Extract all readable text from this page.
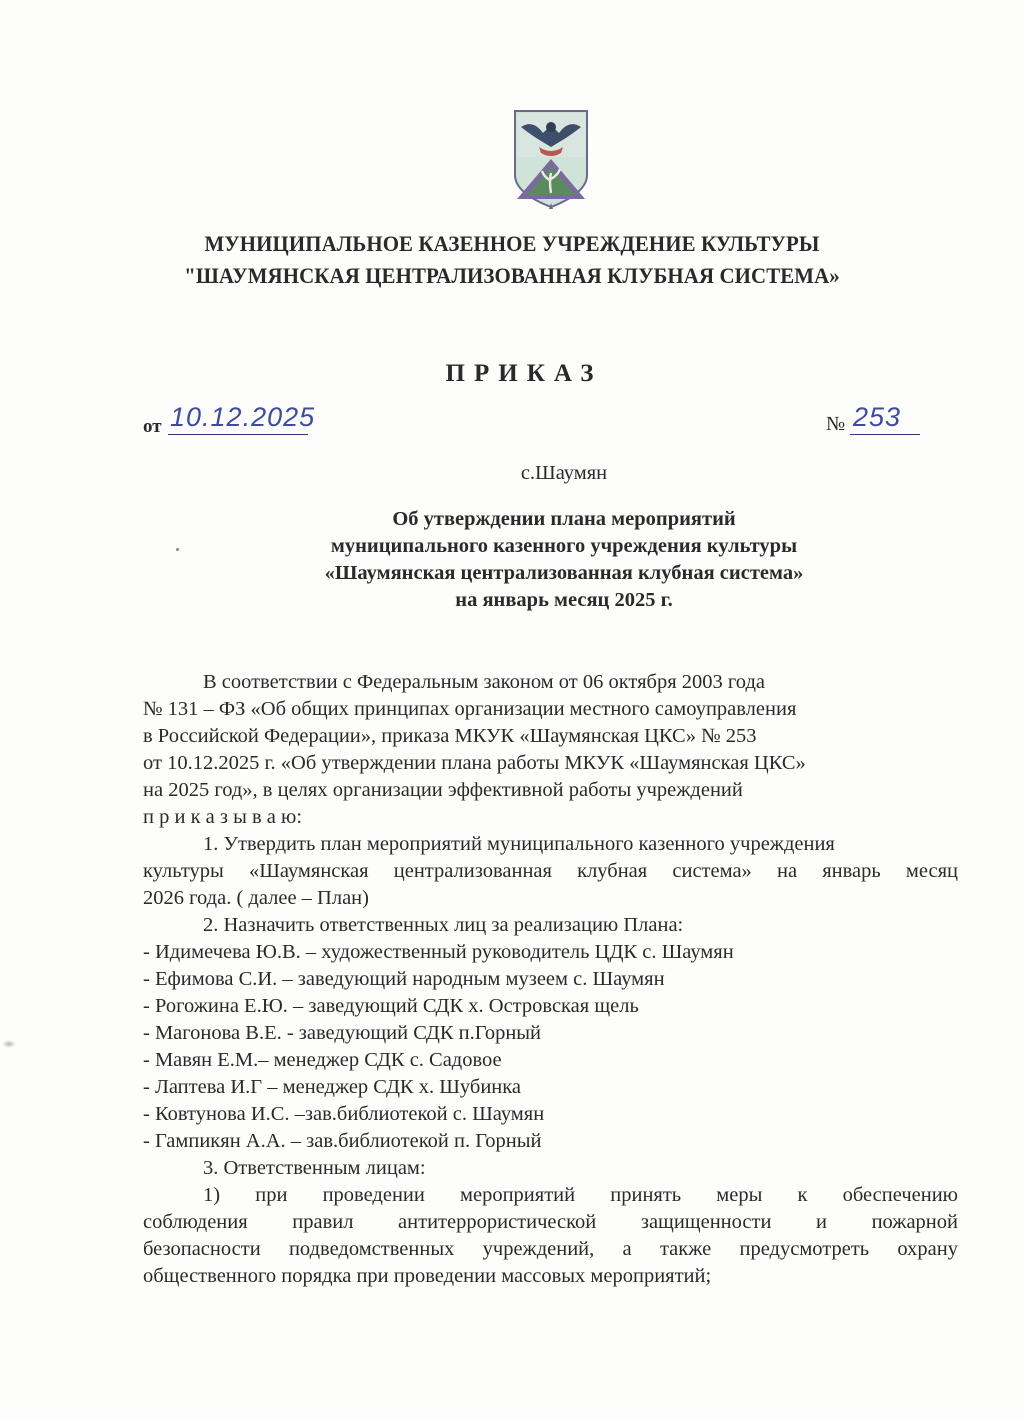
МУНИЦИПАЛЬНОЕ КАЗЕННОЕ УЧРЕЖДЕНИЕ КУЛЬТУРЫ
"ШАУМЯНСКАЯ ЦЕНТРАЛИЗОВАННАЯ КЛУБНАЯ СИСТЕМА»
ПРИКАЗ
от 10.12.2025	№ 253
с.Шаумян
Об утверждении плана мероприятий
муниципального казенного учреждения культуры
«Шаумянская централизованная клубная система»
на январь месяц 2025 г.
В соответствии с Федеральным законом от 06 октября 2003 года
№ 131 – ФЗ «Об общих принципах организации местного самоуправления
в Российской Федерации», приказа МКУК «Шаумянская ЦКС» № 253
от 10.12.2025 г. «Об утверждении плана работы МКУК «Шаумянская ЦКС»
на 2025 год», в целях организации эффективной работы учреждений
п р и к а з ы в а ю:
1. Утвердить план мероприятий муниципального казенного учреждения
культуры «Шаумянская централизованная клубная система» на январь месяц
2026 года. ( далее – План)
2. Назначить ответственных лиц за реализацию Плана:
- Идимечева Ю.В. – художественный руководитель ЦДК с. Шаумян
- Ефимова С.И. – заведующий народным музеем с. Шаумян
- Рогожина Е.Ю. – заведующий СДК х. Островская щель
- Магонова В.Е. - заведующий СДК п.Горный
- Мавян Е.М.– менеджер СДК с. Садовое
- Лаптева И.Г – менеджер СДК х. Шубинка
- Ковтунова И.С. –зав.библиотекой с. Шаумян
- Гампикян А.А. – зав.библиотекой п. Горный
3. Ответственным лицам:
1) при проведении мероприятий принять меры к обеспечению
соблюдения правил антитеррористической защищенности и пожарной
безопасности подведомственных учреждений, а также предусмотреть охрану
общественного порядка при проведении массовых мероприятий;
